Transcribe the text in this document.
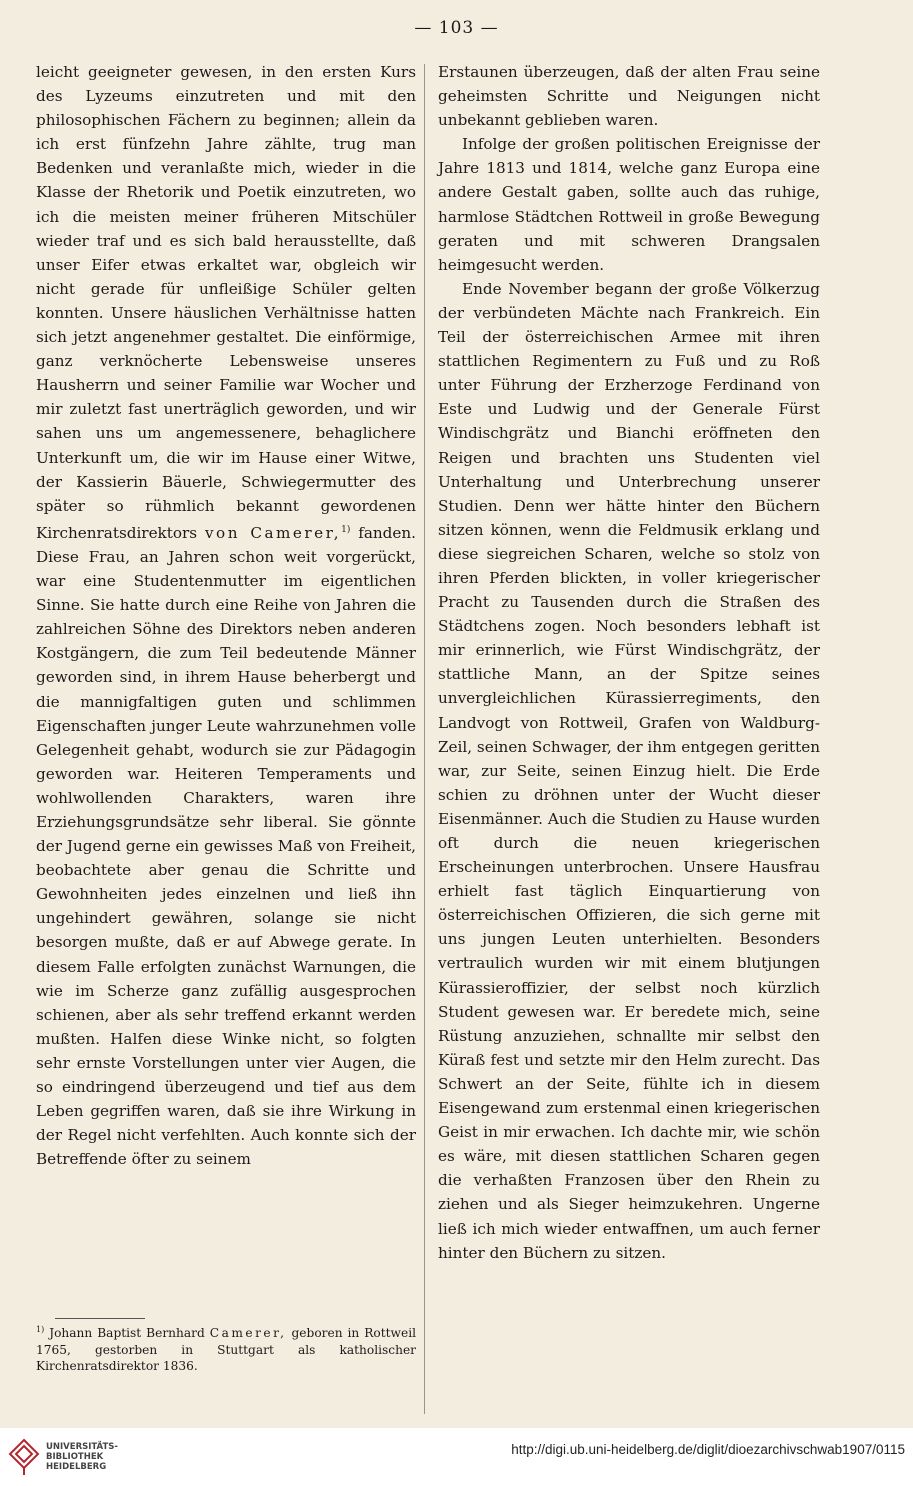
— 103 —

leicht geeigneter gewesen, in den ersten Kurs des Lyzeums einzutreten und mit den philosophischen Fächern zu beginnen; allein da ich erst fünfzehn Jahre zählte, trug man Bedenken und veranlaßte mich, wieder in die Klasse der Rhetorik und Poetik einzutreten, wo ich die meisten meiner früheren Mitschüler wieder traf und es sich bald herausstellte, daß unser Eifer etwas erkaltet war, obgleich wir nicht gerade für unfleißige Schüler gelten konnten. Unsere häuslichen Verhältnisse hatten sich jetzt angenehmer gestaltet. Die einförmige, ganz verknöcherte Lebensweise unseres Hausherrn und seiner Familie war Wocher und mir zuletzt fast unerträglich geworden, und wir sahen uns um angemessenere, behaglichere Unterkunft um, die wir im Hause einer Witwe, der Kassierin Bäuerle, Schwiegermutter des später so rühmlich bekannt gewordenen Kirchenratsdirektors von Camerer,$^{1)}$ fanden. Diese Frau, an Jahren schon weit vorgerückt, war eine Studentenmutter im eigentlichen Sinne. Sie hatte durch eine Reihe von Jahren die zahlreichen Söhne des Direktors neben anderen Kostgängern, die zum Teil bedeutende Männer geworden sind, in ihrem Hause beherbergt und die mannigfaltigen guten und schlimmen Eigenschaften junger Leute wahrzunehmen volle Gelegenheit gehabt, wodurch sie zur Pädagogin geworden war. Heiteren Temperaments und wohlwollenden Charakters, waren ihre Erziehungsgrundsätze sehr liberal. Sie gönnte der Jugend gerne ein gewisses Maß von Freiheit, beobachtete aber genau die Schritte und Gewohnheiten jedes einzelnen und ließ ihn ungehindert gewähren, solange sie nicht besorgen mußte, daß er auf Abwege gerate. In diesem Falle erfolgten zunächst Warnungen, die wie im Scherze ganz zufällig ausgesprochen schienen, aber als sehr treffend erkannt werden mußten. Halfen diese Winke nicht, so folgten sehr ernste Vorstellungen unter vier Augen, die so eindringend überzeugend und tief aus dem Leben gegriffen waren, daß sie ihre Wirkung in der Regel nicht verfehlten. Auch konnte sich der Betreffende öfter zu seinem

Erstaunen überzeugen, daß der alten Frau seine geheimsten Schritte und Neigungen nicht unbekannt geblieben waren.

Infolge der großen politischen Ereignisse der Jahre 1813 und 1814, welche ganz Europa eine andere Gestalt gaben, sollte auch das ruhige, harmlose Städtchen Rottweil in große Bewegung geraten und mit schweren Drangsalen heimgesucht werden.

Ende November begann der große Völkerzug der verbündeten Mächte nach Frankreich. Ein Teil der österreichischen Armee mit ihren stattlichen Regimentern zu Fuß und zu Roß unter Führung der Erzherzoge Ferdinand von Este und Ludwig und der Generale Fürst Windischgrätz und Bianchi eröffneten den Reigen und brachten uns Studenten viel Unterhaltung und Unterbrechung unserer Studien. Denn wer hätte hinter den Büchern sitzen können, wenn die Feldmusik erklang und diese siegreichen Scharen, welche so stolz von ihren Pferden blickten, in voller kriegerischer Pracht zu Tausenden durch die Straßen des Städtchens zogen. Noch besonders lebhaft ist mir erinnerlich, wie Fürst Windischgrätz, der stattliche Mann, an der Spitze seines unvergleichlichen Kürassierregiments, den Landvogt von Rottweil, Grafen von Waldburg-Zeil, seinen Schwager, der ihm entgegen geritten war, zur Seite, seinen Einzug hielt. Die Erde schien zu dröhnen unter der Wucht dieser Eisenmänner. Auch die Studien zu Hause wurden oft durch die neuen kriegerischen Erscheinungen unterbrochen. Unsere Hausfrau erhielt fast täglich Einquartierung von österreichischen Offizieren, die sich gerne mit uns jungen Leuten unterhielten. Besonders vertraulich wurden wir mit einem blutjungen Kürassieroffizier, der selbst noch kürzlich Student gewesen war. Er beredete mich, seine Rüstung anzuziehen, schnallte mir selbst den Küraß fest und setzte mir den Helm zurecht. Das Schwert an der Seite, fühlte ich in diesem Eisengewand zum erstenmal einen kriegerischen Geist in mir erwachen. Ich dachte mir, wie schön es wäre, mit diesen stattlichen Scharen gegen die verhaßten Franzosen über den Rhein zu ziehen und als Sieger heimzukehren. Ungerne ließ ich mich wieder entwaffnen, um auch ferner hinter den Büchern zu sitzen.

$^{1)}$ Johann Baptist Bernhard Camerer, geboren in Rottweil 1765, gestorben in Stuttgart als katholischer Kirchenratsdirektor 1836.
UNIVERSITÄTS-
BIBLIOTHEK
HEIDELBERG
http://digi.ub.uni-heidelberg.de/diglit/dioezarchivschwab1907/0115
